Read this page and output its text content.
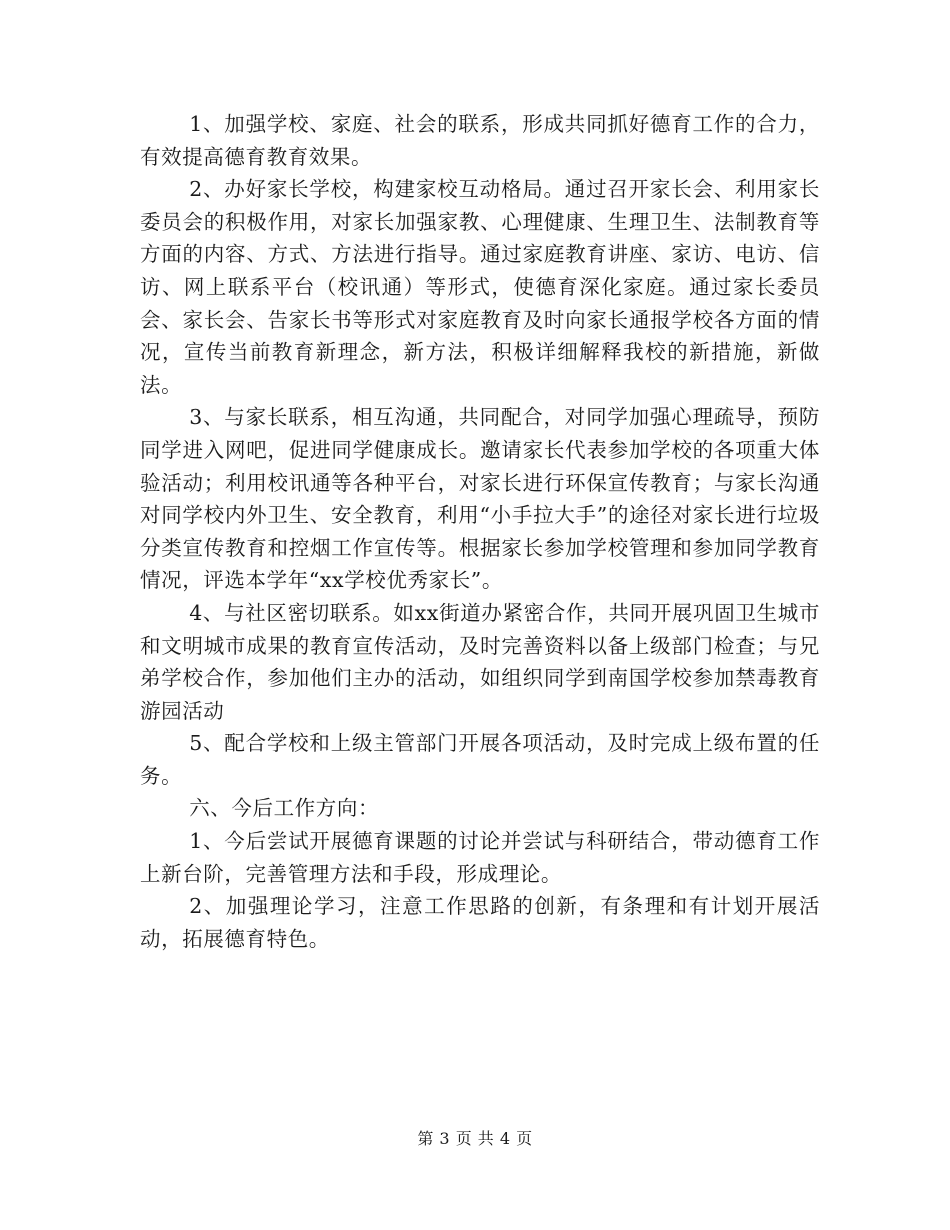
1、加强学校、家庭、社会的联系，形成共同抓好德育工作的合力，有效提高德育教育效果。

2、办好家长学校，构建家校互动格局。通过召开家长会、利用家长委员会的积极作用，对家长加强家教、心理健康、生理卫生、法制教育等方面的内容、方式、方法进行指导。通过家庭教育讲座、家访、电访、信访、网上联系平台（校讯通）等形式，使德育深化家庭。通过家长委员会、家长会、告家长书等形式对家庭教育及时向家长通报学校各方面的情况，宣传当前教育新理念，新方法，积极详细解释我校的新措施，新做法。

3、与家长联系，相互沟通，共同配合，对同学加强心理疏导，预防同学进入网吧，促进同学健康成长。邀请家长代表参加学校的各项重大体验活动；利用校讯通等各种平台，对家长进行环保宣传教育；与家长沟通对同学校内外卫生、安全教育，利用“小手拉大手”的途径对家长进行垃圾分类宣传教育和控烟工作宣传等。根据家长参加学校管理和参加同学教育情况，评选本学年“xx学校优秀家长”。

4、与社区密切联系。如xx街道办紧密合作，共同开展巩固卫生城市和文明城市成果的教育宣传活动，及时完善资料以备上级部门检查；与兄弟学校合作，参加他们主办的活动，如组织同学到南国学校参加禁毒教育游园活动

5、配合学校和上级主管部门开展各项活动，及时完成上级布置的任务。

六、今后工作方向：

1、今后尝试开展德育课题的讨论并尝试与科研结合，带动德育工作上新台阶，完善管理方法和手段，形成理论。

2、加强理论学习，注意工作思路的创新，有条理和有计划开展活动，拓展德育特色。

第 3 页 共 4 页
